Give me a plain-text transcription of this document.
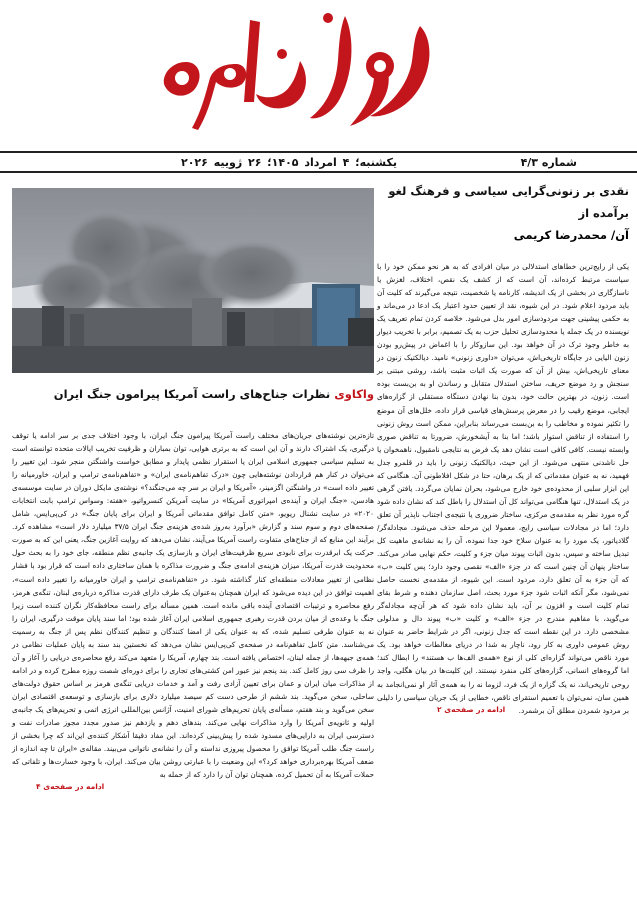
شماره ۴/۳
یکشنبه؛ ۴ امرداد ۱۴۰۵؛ ۲۶ ژوییه ۲۰۲۶
نقدی بر زنونی‌گرایی سیاسی و فرهنگ لغو برآمده از
آن/ محمدرضا کریمی

یکی از رایج‌ترین خطاهای استدلالی در میان افرادی که به هر نحو ممکن خود را با سیاست مرتبط کرده‌اند، آن است که از کشف یک نقص، اختلاف، لغزش یا ناسازگاری در بخشی از یک اندیشه، کارنامه یا شخصیت، نتیجه می‌گیرند که کلیت آن باید مردود اعلام شود. در این شیوه، نقد از تعیین حدود اعتبار یک ادعا در می‌ماند و به حکمی پیشینی جهت مردودسازی امور بدل می‌شود. خلاصه کردن تمام تعریف یک نویسنده در یک جمله یا محدودسازی تحلیل حزب به یک تصمیم، برابر با تخریب دیوار به خاطر وجود ترک در آن خواهد بود. این سازوکار را با اغماض در پیش‌رو بودن زنون الیایی در جایگاه تاریخی‌اش، می‌توان «داوری زنونی» نامید. دیالکتیک زنون در معنای تاریخی‌اش، بیش از آن که صورت یک اثبات مثبت باشد، روشی مبتنی بر سنجش و رد موضع حریف، ساختن استدلال متقابل و رساندن او به بن‌بست بوده است. زنون، در بهترین حالت خود، بدون بنا نهادن دستگاه مستقلی از گزاره‌های ایجابی، موضع رقیب را در معرض پرسش‌های قیاسی قرار داده، خلل‌های آن موضع را تکثیر نموده و مخاطب را به بن‌بست می‌رساند بنابراین، ممکن است روش زنونی را استفاده از تناقض استوار باشد؛ اما بنا به آیشخورش، ضرورتا به تناقض صوری وابسته نیست. کافی کافی است نشان دهد یک فرض به نتایجی نامقبول، ناهمخوان یا حل ناشدنی منتهی می‌شود. از این حیث، دیالکتیک زنونی را باید در قلمرو جدل فهمید، نه به عنوان مقدماتی که از یک برهان، حتا در شکل افلاطونی آن. هنگامی که این ابزار سلبی از محدوده‌ی خود خارج می‌شود، بحران نمایان می‌گردد. یافتن گرهی در یک استدلال، تنها هنگامی می‌تواند کل آن استدلال را باطل کند که نشان داده شود گره مورد نظر به مقدمه‌ی مرکزی، ساختار ضروری یا نتیجه‌ی اجتناب ناپذیر آن تعلق دارد؛ اما در مجادلات سیاسی رایج، معمولا این مرحله حذف می‌شود. مجادله‌گر/ گلادیاتور، یک مورد را به عنوان سلاح خود جدا نموده، آن را به نشانه‌ی ماهیت کل تبدیل ساخته و سپس، بدون اثبات پیوند میان جزء و کلیت، حکم نهایی صادر می‌کند. ساختار پنهان آن چنین است که در جزء «الف» نقصی وجود دارد؛ پس کلیت «ب» که آن جزء به آن تعلق دارد، مردود است. این شیوه، از مقدمه‌ی نخست حاصل نمی‌شود، مگر آنکه اثبات شود جزء مورد بحث، اصل سازمان دهنده و شرط بقای تمام کلیت است و افزون بر آن، باید نشان داده شود که هر آن‌چه مجادله‌گر می‌گوید، با مفاهیم مندرج در جزء «الف» و کلیت «ب» پیوند دال و مدلولی مشخصی دارد. در این نقطه است که جدل زنونی، اگر در شرایط حاضر به عنوان روش عمومی داوری به کار رود، ناچار به شدا در دریای مغالطات خواهد بود. یک مورد ناقص می‌تواند گزاره‌ای کلی از نوع «همه‌ی الف‌ها ب هستند» را ابطال کند؛ اما گروه‌های انسانی، گزاره‌های کلی منفرد نیستند. این کلیت‌ها در بیان هگلی، واجد روحی تاریخی‌اند، نه یک گزاره از یک فرد، لزوما نه را به همه‌ی آثار او نمی‌انجامد به همین سان، نمی‌توان با تعمیم استقرای ناقص، خطایی از یک جریان سیاسی را دلیلی بر مردود شمردن مطلق آن برشمرد.

ادامه در صفحه‌ی ۲
واکاوی نظرات جناح‌های راست آمریکا پیرامون جنگ ایران

تازه‌ترین نوشته‌های جریان‌های مختلف راست آمریکا پیرامون جنگ ایران، با وجود اختلاف جدی بر سر ادامه یا توقف درگیری، یک اشتراک دارند و آن این است که به برتری هوایی، توان بمباران و ظرفیت تخریب ایالات متحده توانسته است به تسلیم سیاسی جمهوری اسلامی ایران یا استقرار نظمی پایدار و مطابق خواست واشنگتن منجر شود. این تغییر را می‌توان در کنار هم قراردادن نوشته‌هایی چون «درک تفاهم‌نامه‌ی ایران» و «تفاهم‌نامه‌ی ترامپ و ایران، خاورمیانه را تغییر داده است» در واشنگتن اگزمینر، «آمریکا و ایران بر سر چه می‌جنگند؟» نوشته‌ی مایکل دوران در سایت موسسه‌ی هادسن، «جنگ ایران و آینده‌ی امپراتوری آمریکا» در سایت آمریکن کنسرواتیو، «هفته: وسواس ترامپ بابت انتخابات ۲۰۲۰» در سایت نشنال ریویو، «متن کامل توافق مقدماتی آمریکا و ایران برای پایان جنگ» در کی‌پی‌ایس، شامل صفحه‌های دوم و سوم سند و گزارش «برآورد به‌روز شده‌ی هزینه‌ی جنگ ایران ۳۷/۵ میلیارد دلار است» مشاهده کرد. برآیند این منابع که از جناح‌های متفاوت راست آمریکا می‌آیند، نشان می‌دهد که روایت آغازین جنگ، یعنی این که به صورت حرکت یک ابرقدرت برای نابودی سریع ظرفیت‌های ایران و بازسازی یک جانبه‌ی نظم منطقه، جای خود را به بحث حول محدودیت قدرت آمریکا، میزان هزینه‌ی ادامه‌ی جنگ و ضرورت مذاکره با همان ساختاری داده است که قرار بود با فشار نظامی از تغییر معادلات منطقه‌ای کنار گذاشته شود. در «تفاهم‌نامه‌ی ترامپ و ایران خاورمیانه را تغییر داده است»، اهمیت توافق در این دیده می‌شود که ایران همچنان به‌عنوان یک طرف دارای قدرت مذاکره درباره‌ی لبنان، تنگه‌ی هرمز، رفع محاصره و ترتیبات اقتصادی آینده باقی مانده است. همین مسأله برای راست محافظه‌کار نگران کننده است زیرا جنگ با وعده‌ی از میان بردن قدرت رهبری جمهوری اسلامی ایران آغاز شده بود؛ اما سند پایان موقت درگیری، ایران را نه به عنوان طرفی تسلیم شده، که به عنوان یکی از امضا کنندگان و تنظیم کنندگان نظم پس از جنگ به رسمیت می‌شناسد. متن کامل تفاهم‌نامه در صفحه‌ی کی‌پی‌ایس نشان می‌دهد که نخستین بند سند به پایان عملیات نظامی در همه‌ی جبهه‌ها، از جمله لبنان، اختصاص یافته است. بند چهارم، آمریکا را متعهد می‌کند رفع محاصره‌ی دریایی را آغاز و آن را ظرف سی روز کامل کند. بند پنجم نیز عبور امن کشتی‌های تجاری را برای دوره‌ای شصت روزه مطرح کرده و در ادامه از مذاکرات میان ایران و عمان برای تعیین آزادی رفت و آمد و خدمات دریایی تنگه‌ی هرمز بر اساس حقوق دولت‌های ساحلی، سخن می‌گوید. بند ششم از طرحی دست کم سیصد میلیارد دلاری برای بازسازی و توسعه‌ی اقتصادی ایران سخن می‌گوید و بند هفتم، مسأله‌ی پایان تحریم‌های شورای امنیت، آژانس بین‌المللی انرژی اتمی و تحریم‌های یک جانبه‌ی اولیه و ثانویه‌ی آمریکا را وارد مذاکرات نهایی می‌کند. بندهای دهم و یازدهم نیز صدور مجدد مجوز صادرات نفت و دسترسی ایران به دارایی‌های مسدود شده را پیش‌بینی کرده‌اند. این مفاد دقیقا آشکار کننده‌ی این‌اند که چرا بخشی از راست جنگ طلب آمریکا توافق را محصول پیروزی نداسته و آن را نشانه‌ی ناتوانی می‌بیند. مقاله‌ی «ایران تا چه اندازه از ضعف آمریکا بهره‌برداری خواهد کرد؟» این وضعیت را با عبارتی روشن بیان می‌کند. ایران، با وجود خسارت‌ها و تلفاتی که حملات آمریکا به آن تحمیل کرده، همچنان توان آن را دارد که از حمله به

ادامه در صفحه‌ی ۴
